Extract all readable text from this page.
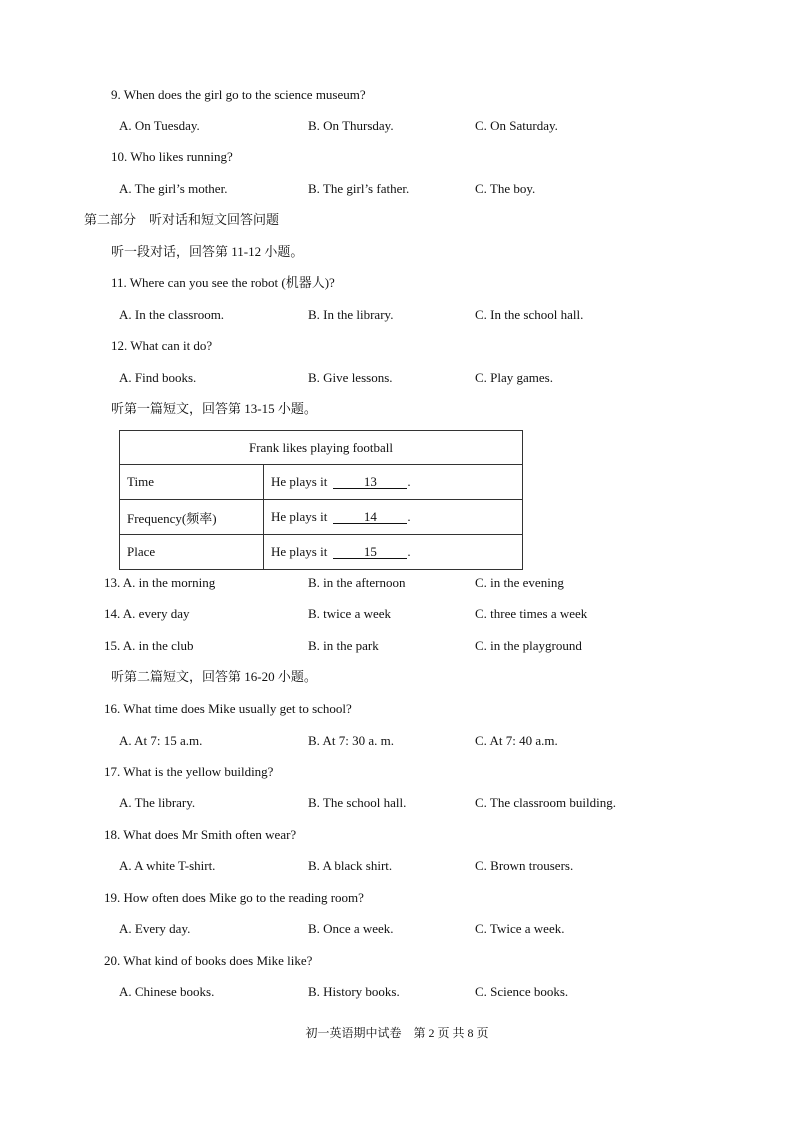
9. When does the girl go to the science museum?
A. On Tuesday.	B. On Thursday.	C. On Saturday.
10. Who likes running?
A. The girl’s mother.	B. The girl’s father.	C. The boy.
第二部分　听对话和短文回答问题
听一段对话，回答第 11-12 小题。
11. Where can you see the robot (机器人)?
A. In the classroom.	B. In the library.	C. In the school hall.
12. What can it do?
A. Find books.	B. Give lessons.	C. Play games.
听第一篇短文，回答第 13-15 小题。
Frank likes playing football	
Time	He plays it 13 .
Frequency(频率)	He plays it 14 .
Place	He plays it 15 .
13. A. in the morning	B. in the afternoon	C. in the evening
14. A. every day	B. twice a week	C. three times a week
15. A. in the club	B. in the park	C. in the playground
听第二篇短文，回答第 16-20 小题。
16. What time does Mike usually get to school?
A. At 7: 15 a.m.	B. At 7: 30 a. m.	C. At 7: 40 a.m.
17. What is the yellow building?
A. The library.	B. The school hall.	C. The classroom building.
18. What does Mr Smith often wear?
A. A white T-shirt.	B. A black shirt.	C. Brown trousers.
19. How often does Mike go to the reading room?
A. Every day.	B. Once a week.	C. Twice a week.
20. What kind of books does Mike like?
A. Chinese books.	B. History books.	C. Science books.
初一英语期中试卷　第 2 页 共 8 页
